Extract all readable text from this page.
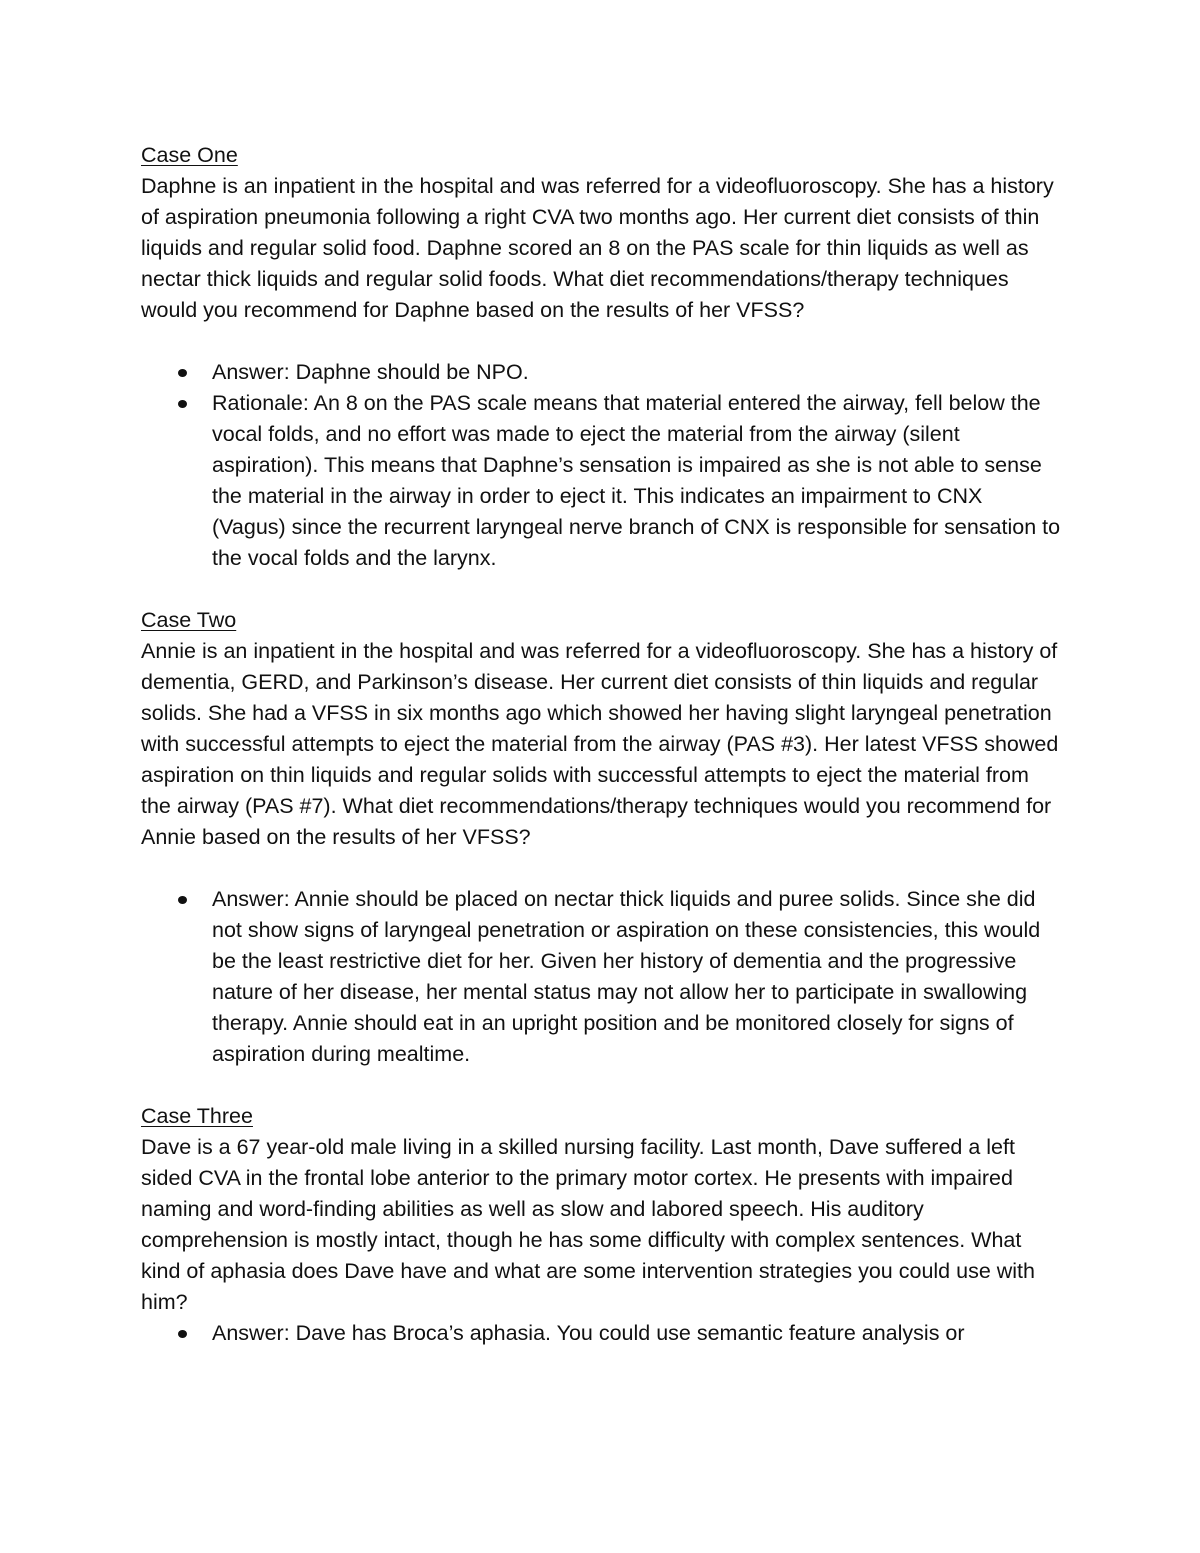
Case One

Daphne is an inpatient in the hospital and was referred for a videofluoroscopy. She has a history of aspiration pneumonia following a right CVA two months ago. Her current diet consists of thin liquids and regular solid food. Daphne scored an 8 on the PAS scale for thin liquids as well as nectar thick liquids and regular solid foods. What diet recommendations/therapy techniques would you recommend for Daphne based on the results of her VFSS?

Answer: Daphne should be NPO.
Rationale: An 8 on the PAS scale means that material entered the airway, fell below the vocal folds, and no effort was made to eject the material from the airway (silent aspiration). This means that Daphne’s sensation is impaired as she is not able to sense the material in the airway in order to eject it. This indicates an impairment to CNX (Vagus) since the recurrent laryngeal nerve branch of CNX is responsible for sensation to the vocal folds and the larynx.
Case Two

Annie is an inpatient in the hospital and was referred for a videofluoroscopy. She has a history of dementia, GERD, and Parkinson’s disease. Her current diet consists of thin liquids and regular solids. She had a VFSS in six months ago which showed her having slight laryngeal penetration with successful attempts to eject the material from the airway (PAS #3). Her latest VFSS showed aspiration on thin liquids and regular solids with successful attempts to eject the material from the airway (PAS #7). What diet recommendations/therapy techniques would you recommend for Annie based on the results of her VFSS?

Answer: Annie should be placed on nectar thick liquids and puree solids. Since she did not show signs of laryngeal penetration or aspiration on these consistencies, this would be the least restrictive diet for her. Given her history of dementia and the progressive nature of her disease, her mental status may not allow her to participate in swallowing therapy. Annie should eat in an upright position and be monitored closely for signs of aspiration during mealtime.
Case Three

Dave is a 67 year-old male living in a skilled nursing facility. Last month, Dave suffered a left sided CVA in the frontal lobe anterior to the primary motor cortex. He presents with impaired naming and word-finding abilities as well as slow and labored speech. His auditory comprehension is mostly intact, though he has some difficulty with complex sentences. What kind of aphasia does Dave have and what are some intervention strategies you could use with him?

Answer: Dave has Broca’s aphasia. You could use semantic feature analysis or
